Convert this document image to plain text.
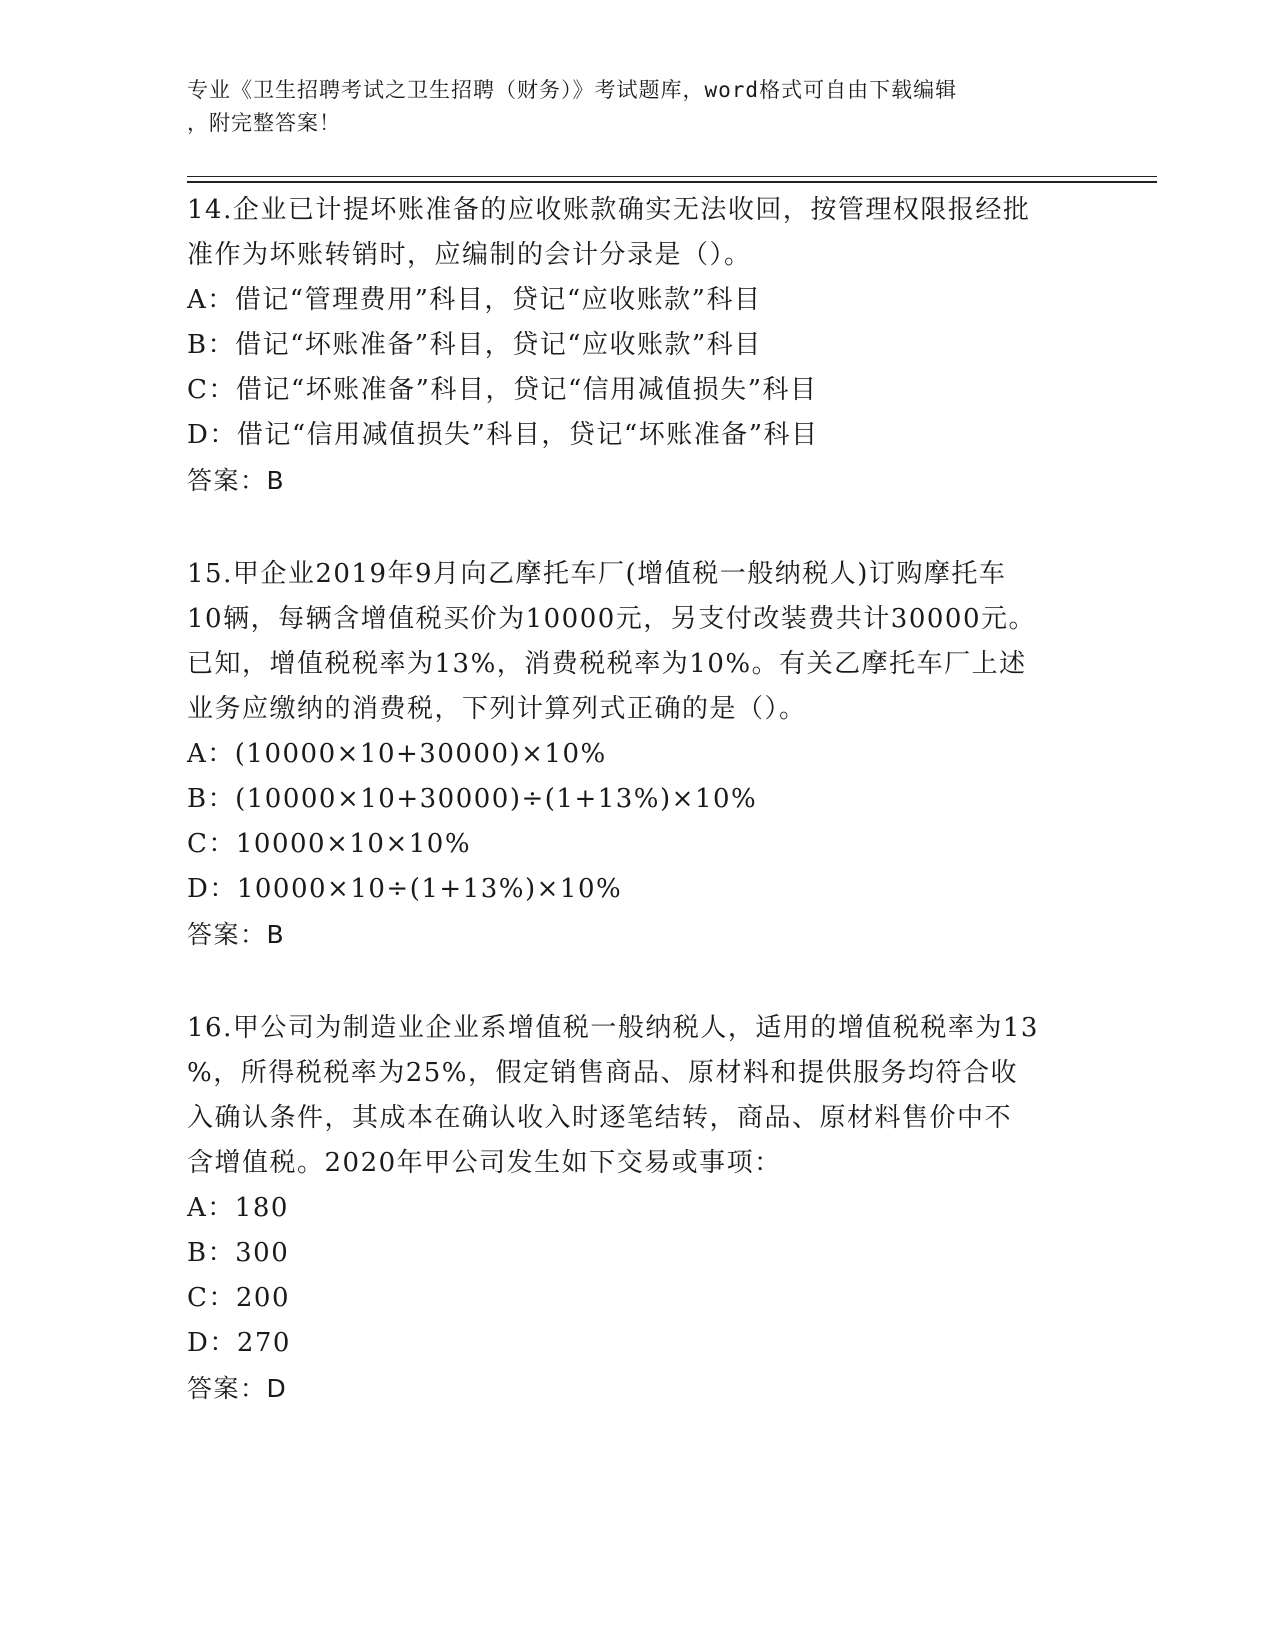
专业《卫生招聘考试之卫生招聘（财务）》考试题库，word格式可自由下载编辑
，附完整答案！

14.企业已计提坏账准备的应收账款确实无法收回，按管理权限报经批

准作为坏账转销时，应编制的会计分录是（）。

A：借记“管理费用”科目，贷记“应收账款”科目

B：借记“坏账准备”科目，贷记“应收账款”科目

C：借记“坏账准备”科目，贷记“信用减值损失”科目

D：借记“信用减值损失”科目，贷记“坏账准备”科目

答案：B

15.甲企业2019年9月向乙摩托车厂(增值税一般纳税人)订购摩托车

10辆，每辆含增值税买价为10000元，另支付改装费共计30000元。

已知，增值税税率为13%，消费税税率为10%。有关乙摩托车厂上述

业务应缴纳的消费税，下列计算列式正确的是（）。

A：(10000×10+30000)×10%

B：(10000×10+30000)÷(1+13%)×10%

C：10000×10×10%

D：10000×10÷(1+13%)×10%

答案：B

16.甲公司为制造业企业系增值税一般纳税人，适用的增值税税率为13

%，所得税税率为25%，假定销售商品、原材料和提供服务均符合收

入确认条件，其成本在确认收入时逐笔结转，商品、原材料售价中不

含增值税。2020年甲公司发生如下交易或事项：

A：180

B：300

C：200

D：270

答案：D
